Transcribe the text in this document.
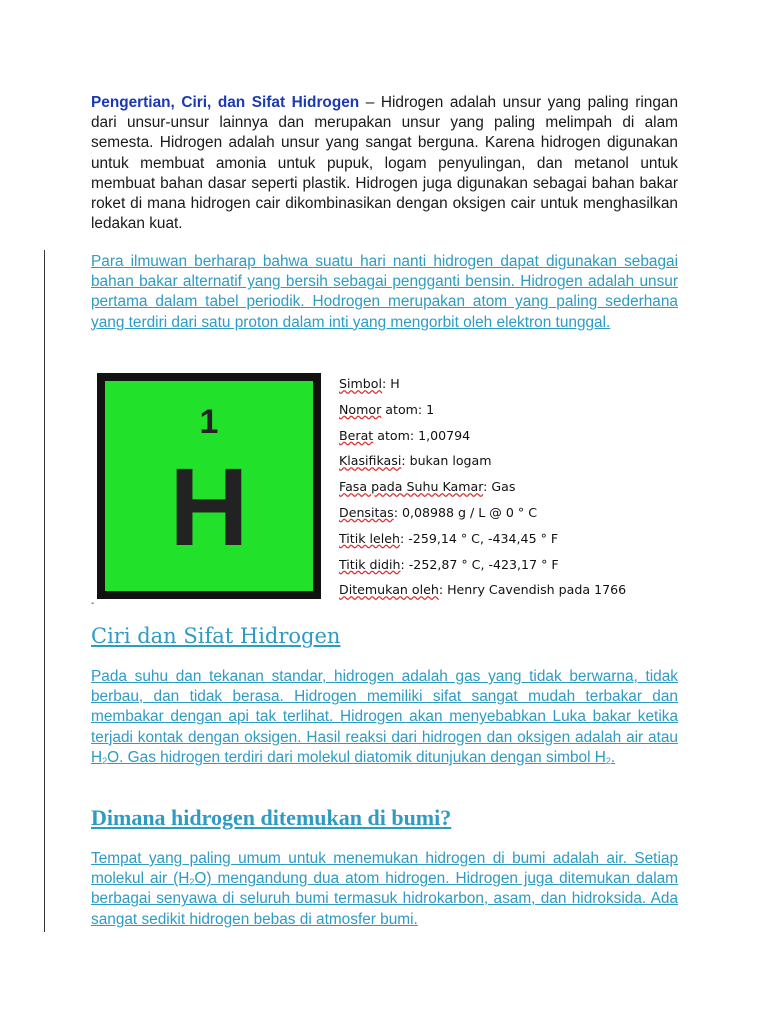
Pengertian, Ciri, dan Sifat Hidrogen – Hidrogen adalah unsur yang paling ringan dari unsur-unsur lainnya dan merupakan unsur yang paling melimpah di alam semesta. Hidrogen adalah unsur yang sangat berguna. Karena hidrogen digunakan untuk membuat amonia untuk pupuk, logam penyulingan, dan metanol untuk membuat bahan dasar seperti plastik. Hidrogen juga digunakan sebagai bahan bakar roket di mana hidrogen cair dikombinasikan dengan oksigen cair untuk menghasilkan ledakan kuat.

Para ilmuwan berharap bahwa suatu hari nanti hidrogen dapat digunakan sebagai bahan bakar alternatif yang bersih sebagai pengganti bensin. Hidrogen adalah unsur pertama dalam tabel periodik. Hodrogen merupakan atom yang paling sederhana yang terdiri dari satu proton dalam inti yang mengorbit oleh elektron tunggal.

1
H
Simbol: H
Nomor atom: 1
Berat atom: 1,00794
Klasifikasi: bukan logam
Fasa pada Suhu Kamar: Gas
Densitas: 0,08988 g / L @ 0 ° C
Titik leleh: -259,14 ° C, -434,45 ° F
Titik didih: -252,87 ° C, -423,17 ° F
Ditemukan oleh: Henry Cavendish pada 1766
-
Ciri dan Sifat Hidrogen

Pada suhu dan tekanan standar, hidrogen adalah gas yang tidak berwarna, tidak berbau, dan tidak berasa. Hidrogen memiliki sifat sangat mudah terbakar dan membakar dengan api tak terlihat. Hidrogen akan menyebabkan Luka bakar ketika terjadi kontak dengan oksigen. Hasil reaksi dari hidrogen dan oksigen adalah air atau $H_2O$. Gas hidrogen terdiri dari molekul diatomik ditunjukan dengan simbol $H_2$.

Dimana hidrogen ditemukan di bumi?

Tempat yang paling umum untuk menemukan hidrogen di bumi adalah air. Setiap molekul air $(H_2O)$ mengandung dua atom hidrogen. Hidrogen juga ditemukan dalam berbagai senyawa di seluruh bumi termasuk hidrokarbon, asam, dan hidroksida. Ada sangat sedikit hidrogen bebas di atmosfer bumi.
